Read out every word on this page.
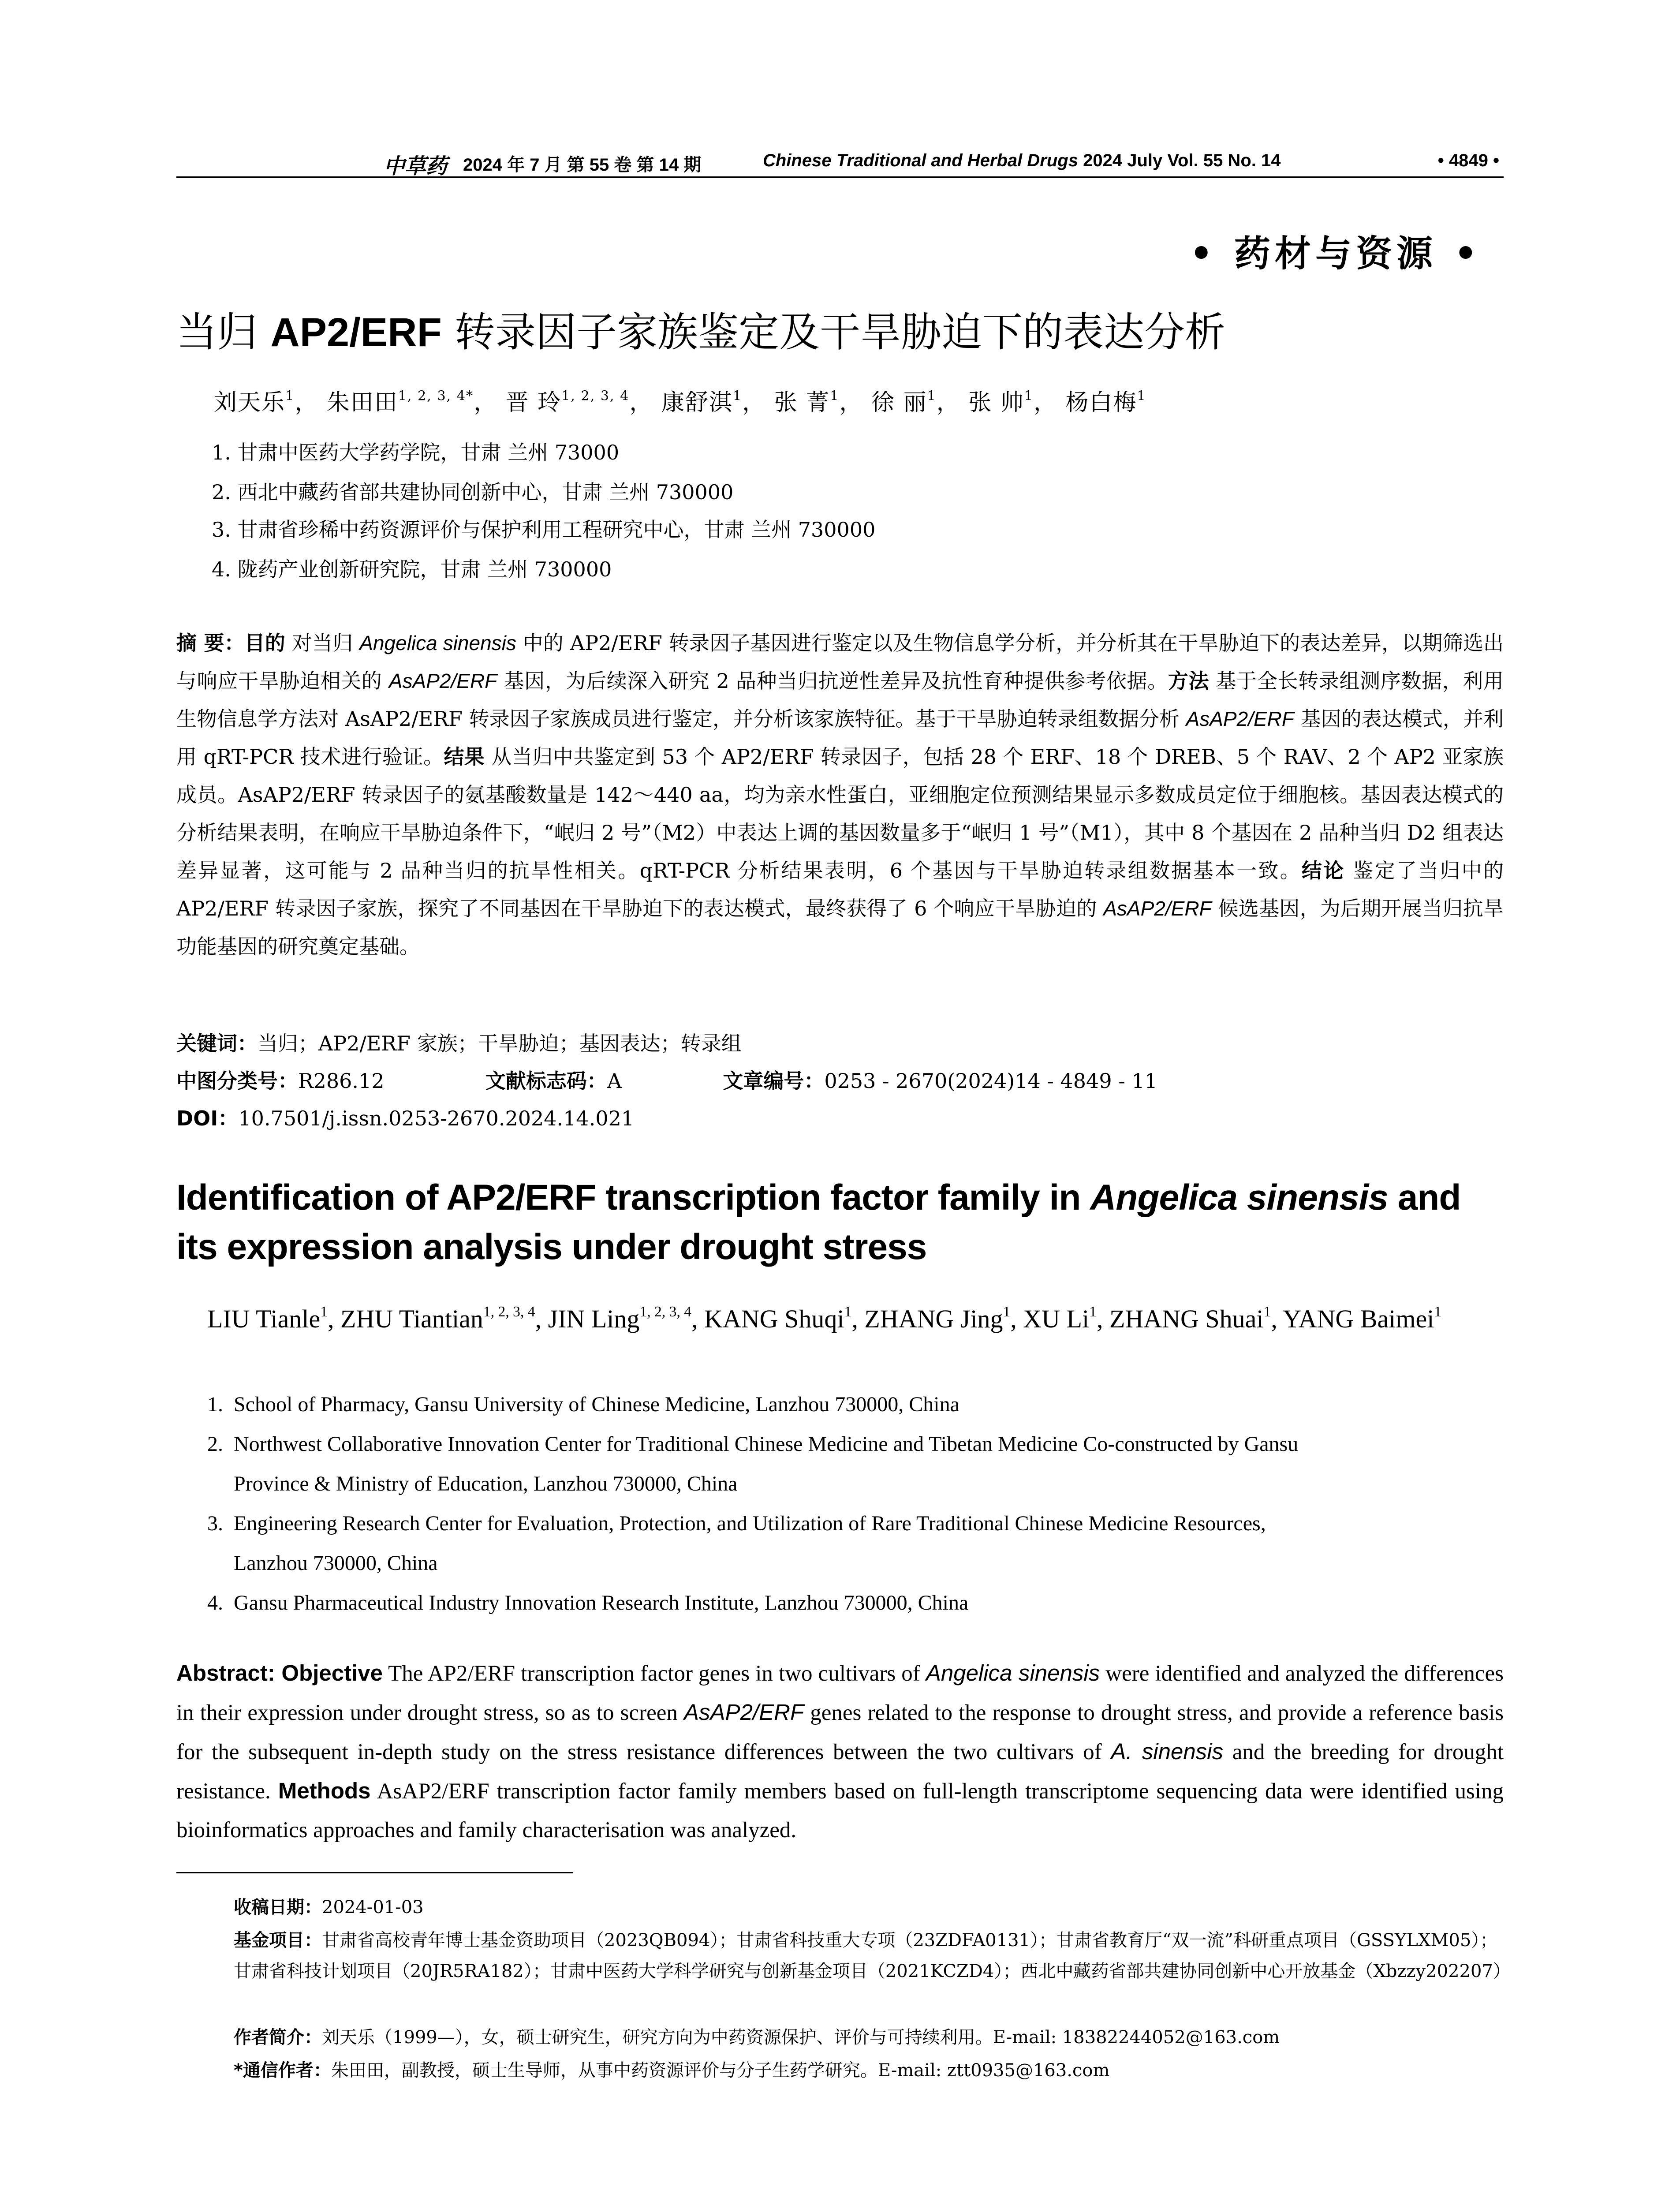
中草药 2024 年 7 月 第 55 卷 第 14 期	Chinese Traditional and Herbal Drugs 2024 July Vol. 55 No. 14	• 4849 •
• 药材与资源 •
当归 AP2/ERF 转录因子家族鉴定及干旱胁迫下的表达分析
刘天乐$^1$， 朱田田$^{1, 2, 3, 4*}$， 晋 玲$^{1, 2, 3, 4}$， 康舒淇$^1$， 张 菁$^1$， 徐 丽$^1$， 张 帅$^1$， 杨白梅$^1$
1. 甘肃中医药大学药学院，甘肃 兰州 73000
2. 西北中藏药省部共建协同创新中心，甘肃 兰州 730000
3. 甘肃省珍稀中药资源评价与保护利用工程研究中心，甘肃 兰州 730000
4. 陇药产业创新研究院，甘肃 兰州 730000
摘 要：目的 对当归 Angelica sinensis 中的 AP2/ERF 转录因子基因进行鉴定以及生物信息学分析，并分析其在干旱胁迫下的表达差异，以期筛选出与响应干旱胁迫相关的 AsAP2/ERF 基因，为后续深入研究 2 品种当归抗逆性差异及抗性育种提供参考依据。方法 基于全长转录组测序数据，利用生物信息学方法对 AsAP2/ERF 转录因子家族成员进行鉴定，并分析该家族特征。基于干旱胁迫转录组数据分析 AsAP2/ERF 基因的表达模式，并利用 qRT-PCR 技术进行验证。结果 从当归中共鉴定到 53 个 AP2/ERF 转录因子，包括 28 个 ERF、18 个 DREB、5 个 RAV、2 个 AP2 亚家族成员。AsAP2/ERF 转录因子的氨基酸数量是 142～440 aa，均为亲水性蛋白，亚细胞定位预测结果显示多数成员定位于细胞核。基因表达模式的分析结果表明，在响应干旱胁迫条件下，“岷归 2 号”（M2）中表达上调的基因数量多于“岷归 1 号”（M1），其中 8 个基因在 2 品种当归 D2 组表达差异显著，这可能与 2 品种当归的抗旱性相关。qRT-PCR 分析结果表明，6 个基因与干旱胁迫转录组数据基本一致。结论 鉴定了当归中的 AP2/ERF 转录因子家族，探究了不同基因在干旱胁迫下的表达模式，最终获得了 6 个响应干旱胁迫的 AsAP2/ERF 候选基因，为后期开展当归抗旱功能基因的研究奠定基础。
关键词：当归；AP2/ERF 家族；干旱胁迫；基因表达；转录组
中图分类号：R286.12	文献标志码：A	文章编号：0253 - 2670(2024)14 - 4849 - 11
DOI：10.7501/j.issn.0253-2670.2024.14.021
Identification of AP2/ERF transcription factor family in Angelica sinensis and its expression analysis under drought stress
LIU Tianle$^1$, ZHU Tiantian$^{1, 2, 3, 4}$, JIN Ling$^{1, 2, 3, 4}$, KANG Shuqi$^1$, ZHANG Jing$^1$, XU Li$^1$, ZHANG Shuai$^1$, YANG Baimei$^1$
1. School of Pharmacy, Gansu University of Chinese Medicine, Lanzhou 730000, China
2. Northwest Collaborative Innovation Center for Traditional Chinese Medicine and Tibetan Medicine Co-constructed by Gansu
Province & Ministry of Education, Lanzhou 730000, China
3. Engineering Research Center for Evaluation, Protection, and Utilization of Rare Traditional Chinese Medicine Resources,
Lanzhou 730000, China
4. Gansu Pharmaceutical Industry Innovation Research Institute, Lanzhou 730000, China
Abstract: Objective The AP2/ERF transcription factor genes in two cultivars of Angelica sinensis were identified and analyzed the differences in their expression under drought stress, so as to screen AsAP2/ERF genes related to the response to drought stress, and provide a reference basis for the subsequent in-depth study on the stress resistance differences between the two cultivars of A. sinensis and the breeding for drought resistance. Methods AsAP2/ERF transcription factor family members based on full-length transcriptome sequencing data were identified using bioinformatics approaches and family characterisation was analyzed.
收稿日期：2024-01-03
基金项目：甘肃省高校青年博士基金资助项目（2023QB094）；甘肃省科技重大专项（23ZDFA0131）；甘肃省教育厅“双一流”科研重点项目（GSSYLXM05）；甘肃省科技计划项目（20JR5RA182）；甘肃中医药大学科学研究与创新基金项目（2021KCZD4）；西北中藏药省部共建协同创新中心开放基金（Xbzzy202207）
作者简介：刘天乐（1999—），女，硕士研究生，研究方向为中药资源保护、评价与可持续利用。E-mail: 18382244052@163.com
*通信作者：朱田田，副教授，硕士生导师，从事中药资源评价与分子生药学研究。E-mail: ztt0935@163.com
